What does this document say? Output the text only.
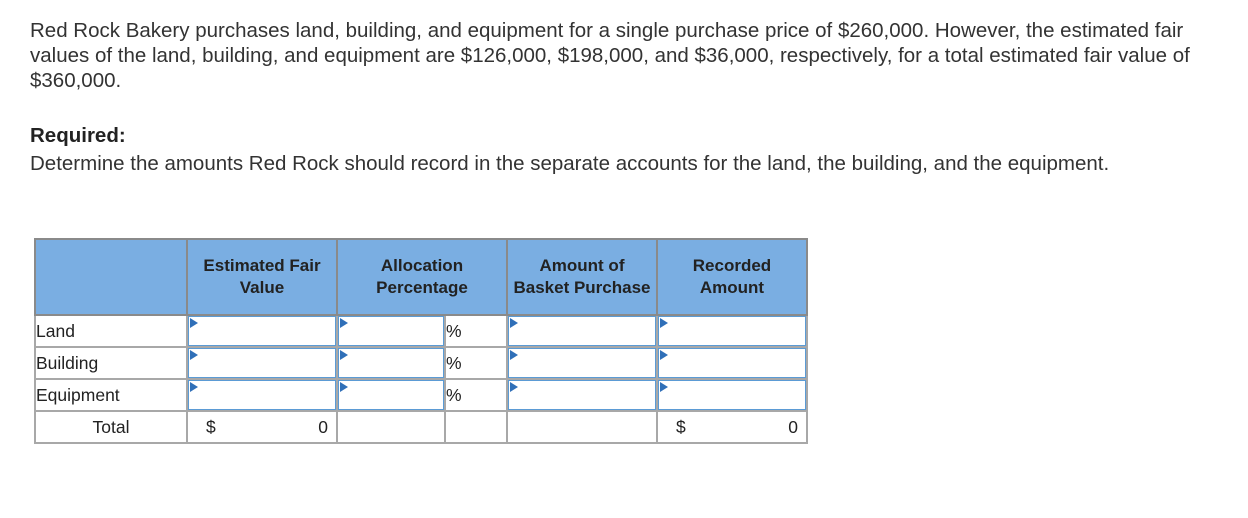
Red Rock Bakery purchases land, building, and equipment for a single purchase price of $260,000. However, the estimated fair values of the land, building, and equipment are $126,000, $198,000, and $36,000, respectively, for a total estimated fair value of $360,000.
Required:
Determine the amounts Red Rock should record in the separate accounts for the land, the building, and the equipment.
	Estimated Fair Value	Allocation Percentage		Amount of Basket Purchase	Recorded Amount
Land			%	

Building			%	

Equipment			%	

Total	$ 0				$ 0
